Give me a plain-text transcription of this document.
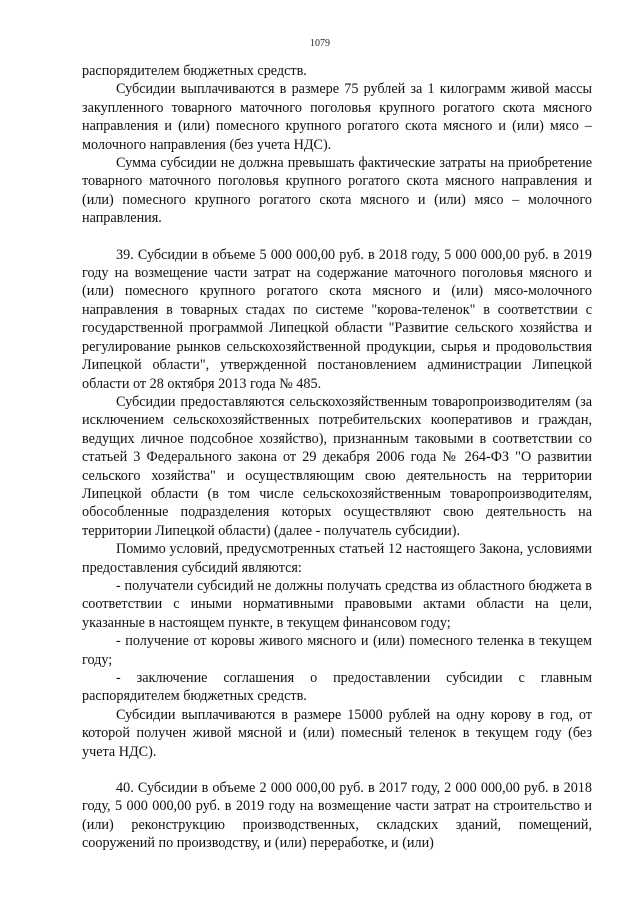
1079

распорядителем бюджетных средств.

Субсидии выплачиваются в размере 75 рублей за 1 килограмм живой массы закупленного товарного маточного поголовья крупного рогатого скота мясного направления и (или) помесного крупного рогатого скота мясного и (или) мясо – молочного направления (без учета НДС).

Сумма субсидии не должна превышать фактические затраты на приобретение товарного маточного поголовья крупного рогатого скота мясного направления и (или) помесного крупного рогатого скота мясного и (или) мясо – молочного направления.

39. Субсидии в объеме 5 000 000,00 руб. в 2018 году, 5 000 000,00 руб. в 2019 году на возмещение части затрат на содержание маточного поголовья мясного и (или) помесного крупного рогатого скота мясного и (или) мясо-молочного направления в товарных стадах по системе "корова-теленок" в соответствии с государственной программой Липецкой области "Развитие сельского хозяйства и регулирование рынков сельскохозяйственной продукции, сырья и продовольствия Липецкой области", утвержденной постановлением администрации Липецкой области от 28 октября 2013 года № 485.

Субсидии предоставляются сельскохозяйственным товаропроизводителям (за исключением сельскохозяйственных потребительских кооперативов и граждан, ведущих личное подсобное хозяйство), признанным таковыми в соответствии со статьей 3 Федерального закона от 29 декабря 2006 года № 264-ФЗ "О развитии сельского хозяйства" и осуществляющим свою деятельность на территории Липецкой области (в том числе сельскохозяйственным товаропроизводителям, обособленные подразделения которых осуществляют свою деятельность на территории Липецкой области) (далее - получатель субсидии).

Помимо условий, предусмотренных статьей 12 настоящего Закона, условиями предоставления субсидий являются:

- получатели субсидий не должны получать средства из областного бюджета в соответствии с иными нормативными правовыми актами области на цели, указанные в настоящем пункте, в текущем финансовом году;

- получение от коровы живого мясного и (или) помесного теленка в текущем году;

- заключение соглашения о предоставлении субсидии с главным распорядителем бюджетных средств.

Субсидии выплачиваются в размере 15000 рублей на одну корову в год, от которой получен живой мясной и (или) помесный теленок в текущем году (без учета НДС).

40. Субсидии в объеме 2 000 000,00 руб. в 2017 году, 2 000 000,00 руб. в 2018 году, 5 000 000,00 руб. в 2019 году на возмещение части затрат на строительство и (или) реконструкцию производственных, складских зданий, помещений, сооружений по производству, и (или) переработке, и (или)
